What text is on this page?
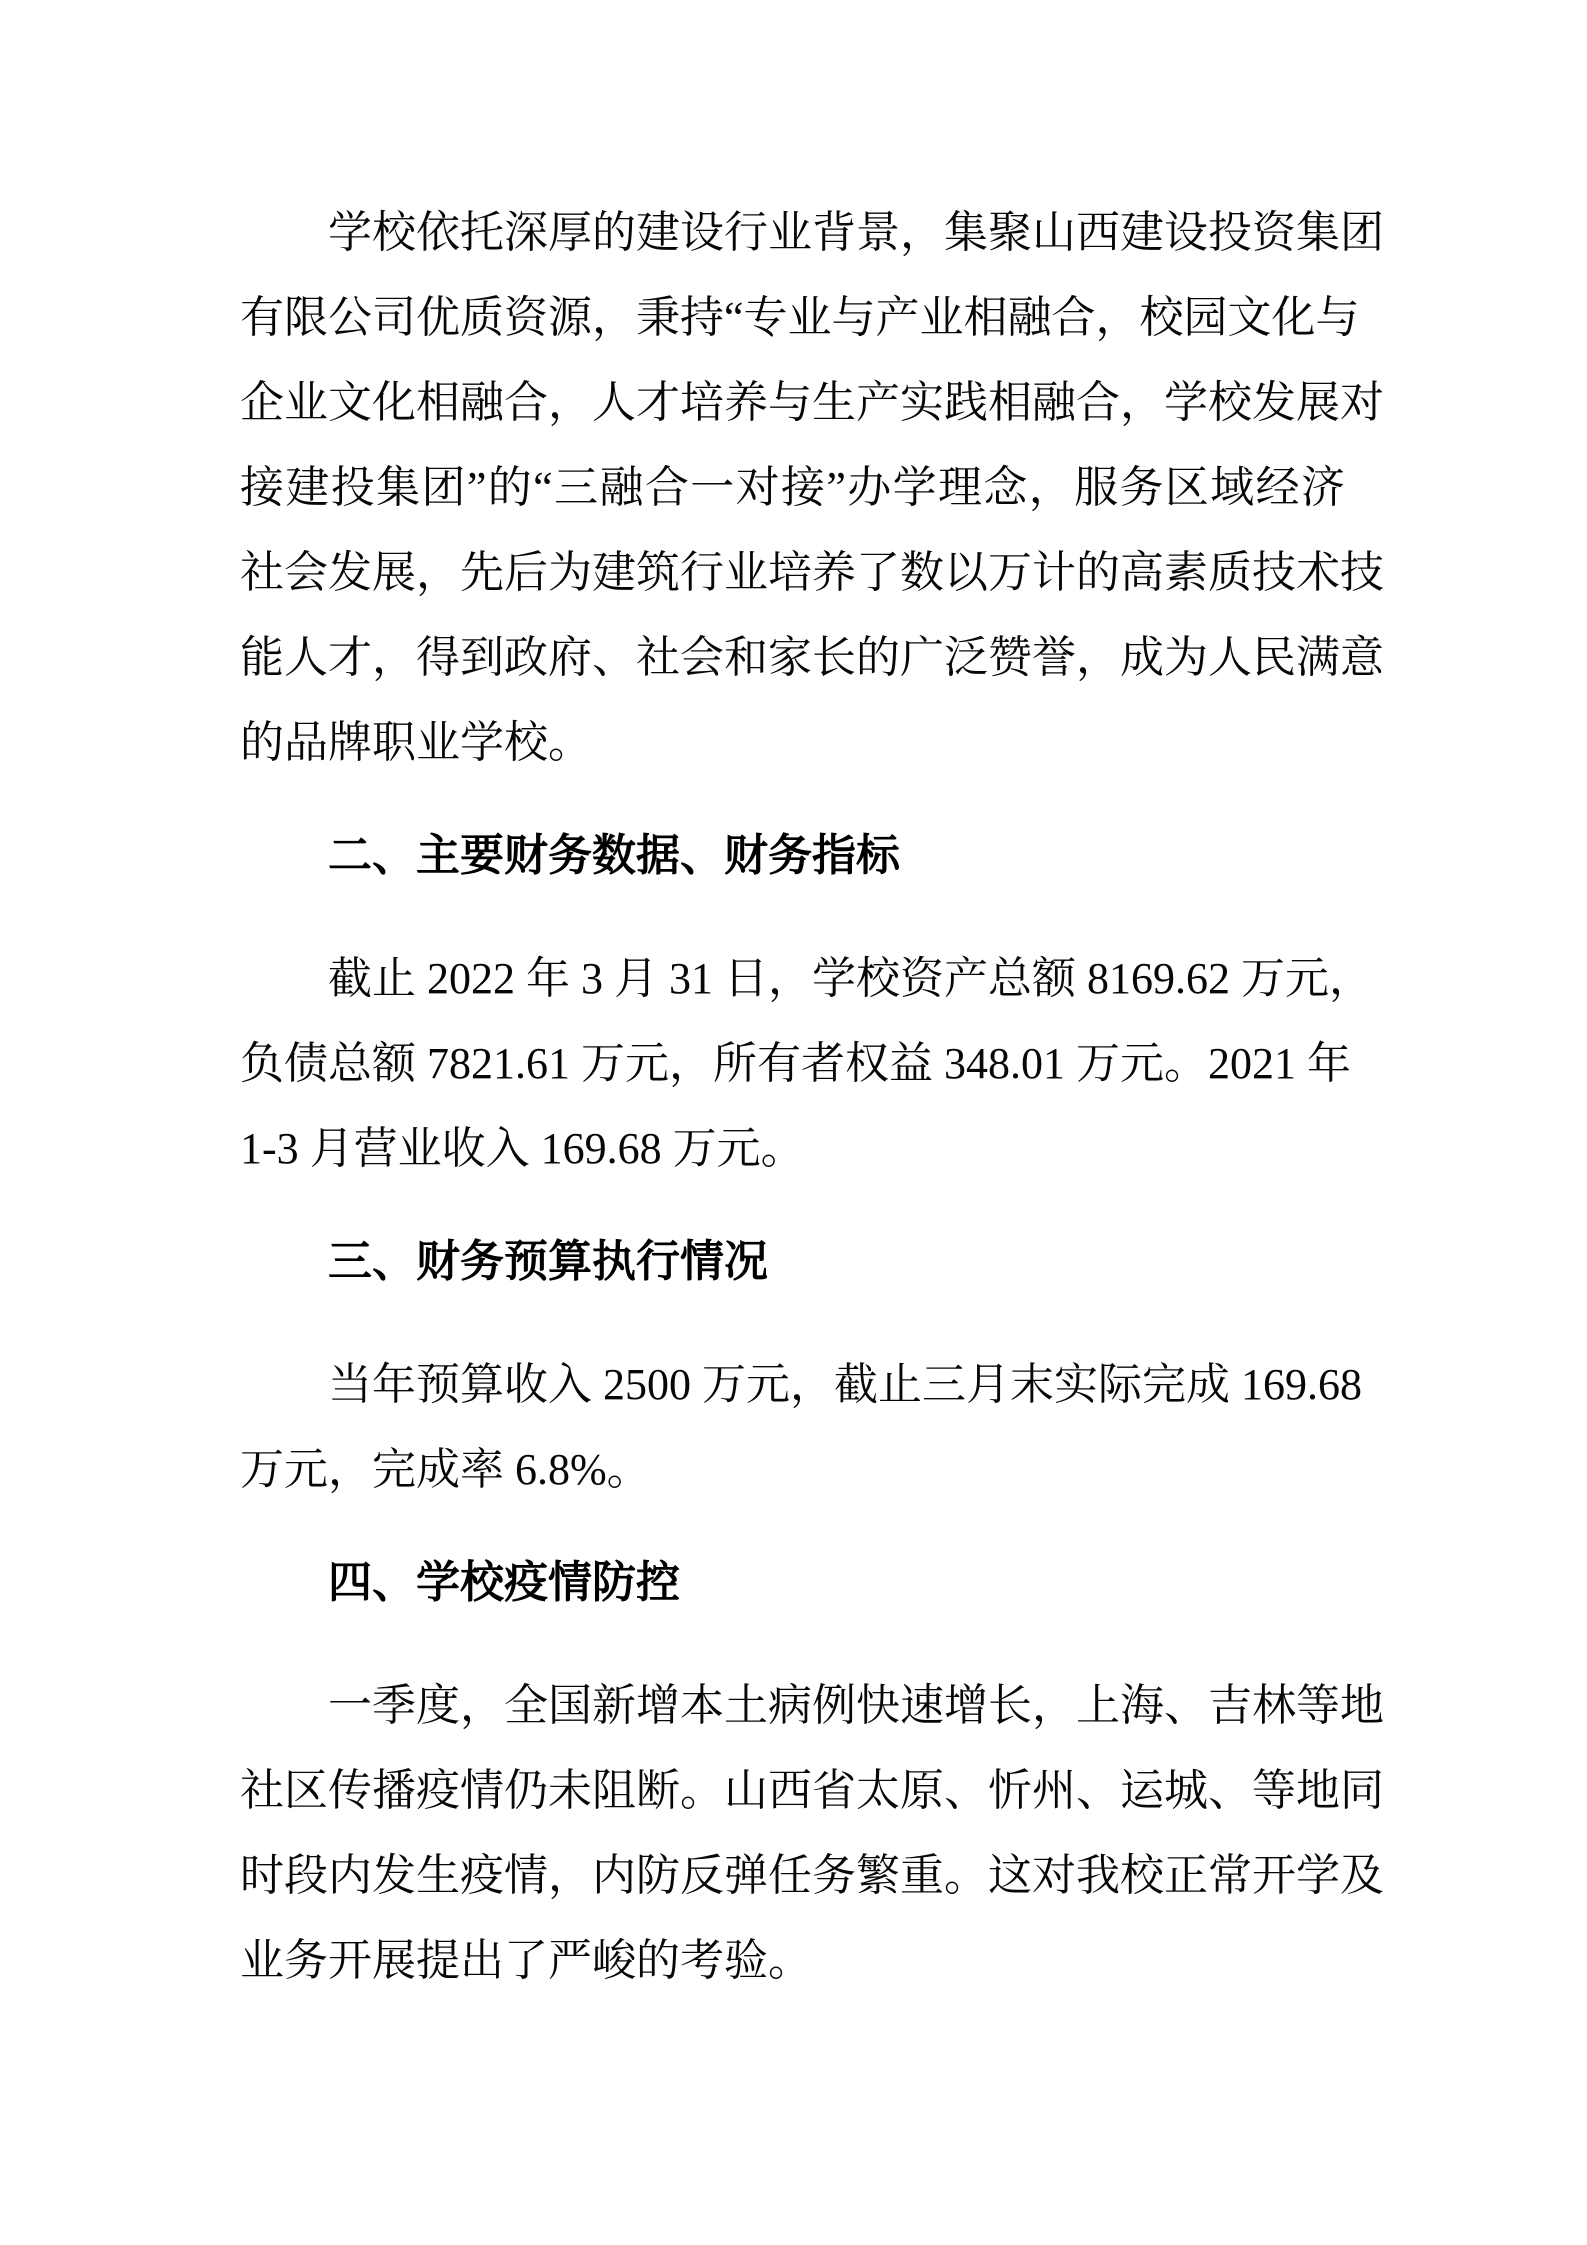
学校依托深厚的建设行业背景，集聚山西建设投资集团
有限公司优质资源，秉持“专业与产业相融合，校园文化与
企业文化相融合，人才培养与生产实践相融合，学校发展对
接建投集团”的“三融合一对接”办学理念，服务区域经济
社会发展，先后为建筑行业培养了数以万计的高素质技术技
能人才，得到政府、社会和家长的广泛赞誉，成为人民满意
的品牌职业学校。

二、主要财务数据、财务指标

截止 2022 年 3 月 31 日，学校资产总额 8169.62 万元，
负债总额 7821.61 万元，所有者权益 348.01 万元。2021 年
1-3 月营业收入 169.68 万元。

三、财务预算执行情况

当年预算收入 2500 万元，截止三月末实际完成 169.68
万元，完成率 6.8%。

四、学校疫情防控

一季度，全国新增本土病例快速增长，上海、吉林等地
社区传播疫情仍未阻断。山西省太原、忻州、运城、等地同
时段内发生疫情，内防反弹任务繁重。这对我校正常开学及
业务开展提出了严峻的考验。
